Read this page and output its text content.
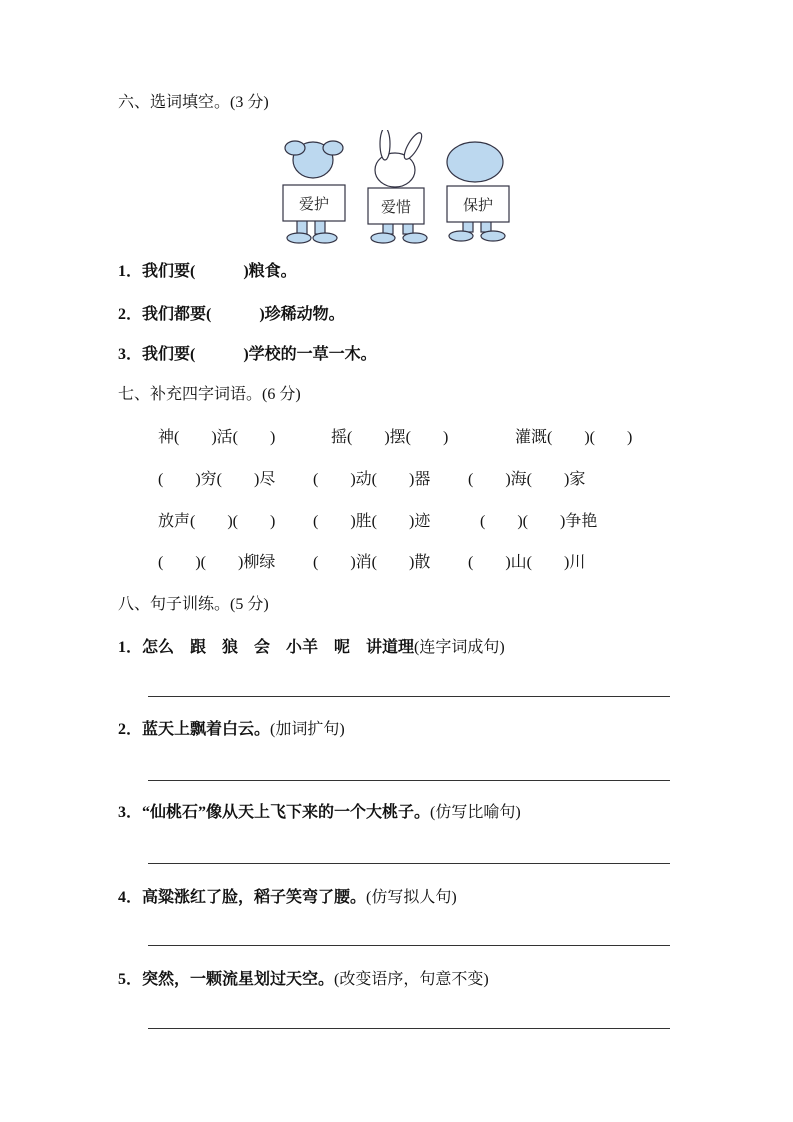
六、选词填空。(3 分)
爱护	爱惜	保护
1．我们要(　　　)粮食。
2．我们都要(　　　)珍稀动物。
3．我们要(　　　)学校的一草一木。
七、补充四字词语。(6 分)
神(　　)活(　　)	摇(　　)摆(　　)	灌溉(　　)(　　)
(　　)穷(　　)尽 (　　)动(　　)器 (　　)海(　　)家
放声(　　)(　　) (　　)胜(　　)迹	(　　)(　　)争艳
(　　)(　　)柳绿 (　　)消(　　)散 (　　)山(　　)川
八、句子训练。(5 分)
1．怎么　跟　狼　会　小羊　呢　讲道理(连字词成句)
2．蓝天上飘着白云。(加词扩句)
3．“仙桃石”像从天上飞下来的一个大桃子。(仿写比喻句)
4．高粱涨红了脸，稻子笑弯了腰。(仿写拟人句)
5．突然，一颗流星划过天空。(改变语序，句意不变)
